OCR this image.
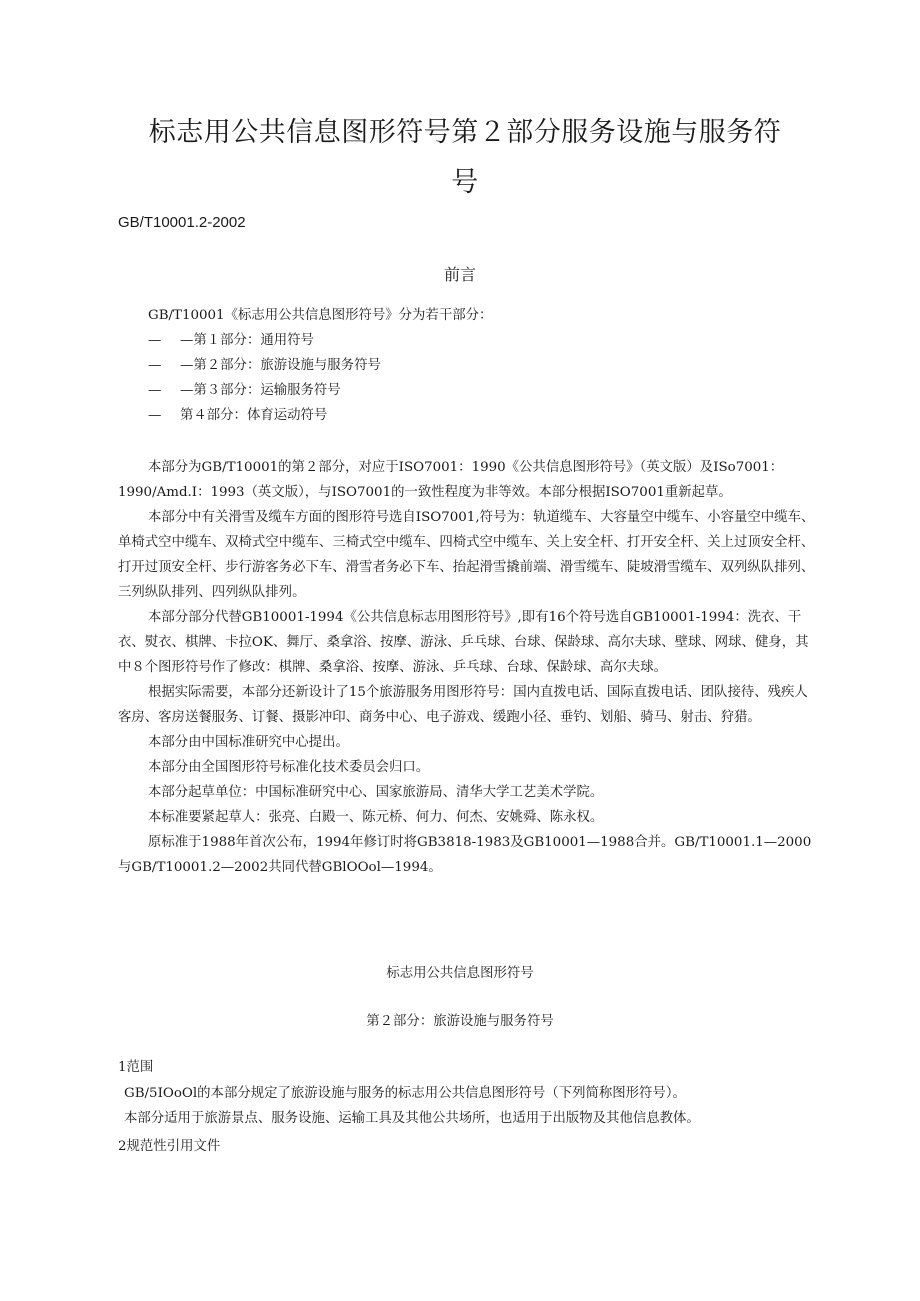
标志用公共信息图形符号第２部分服务设施与服务符
号
GB/T10001.2-2002
前言
GB/T10001《标志用公共信息图形符号》分为若干部分：
— —第１部分：通用符号
— —第２部分：旅游设施与服务符号
— —第３部分：运输服务符号
— 第４部分：体育运动符号

本部分为GB/T10001的第２部分，对应于ISO7001：1990《公共信息图形符号》（英文版）及ISo7001：1990/Amd.I：1993（英文版），与ISO7001的一致性程度为非等效。本部分根据ISO7001重新起草。

本部分中有关滑雪及缆车方面的图形符号选自ISO7001,符号为：轨道缆车、大容量空中缆车、小容量空中缆车、单椅式空中缆车、双椅式空中缆车、三椅式空中缆车、四椅式空中缆车、关上安全杆、打开安全杆、关上过顶安全杆、打开过顶安全杆、步行游客务必下车、滑雪者务必下车、抬起滑雪撬前端、滑雪缆车、陡坡滑雪缆车、双列纵队排列、三列纵队排列、四列纵队排列。

本部分部分代替GB10001-1994《公共信息标志用图形符号》,即有16个符号选自GB10001-1994：洗衣、干衣、熨衣、棋牌、卡拉OK、舞厅、桑拿浴、按摩、游泳、乒乓球、台球、保龄球、高尔夫球、壁球、网球、健身，其中８个图形符号作了修改：棋牌、桑拿浴、按摩、游泳、乒乓球、台球、保龄球、高尔夫球。

根据实际需要，本部分还新设计了15个旅游服务用图形符号：国内直拨电话、国际直拨电话、团队接待、残疾人客房、客房送餐服务、订餐、摄影冲印、商务中心、电子游戏、缓跑小径、垂钓、划船、骑马、射击、狩猎。

本部分由中国标准研究中心提出。

本部分由全国图形符号标准化技术委员会归口。

本部分起草单位：中国标准研究中心、国家旅游局、清华大学工艺美术学院。

本标准要紧起草人：张亮、白殿一、陈元桥、何力、何杰、安姚舜、陈永权。

原标准于1988年首次公布，1994年修订时将GB3818-1983及GB10001—1988合并。GB/T10001.1—2000与GB/T10001.2—2002共同代替GBlOOol—1994。

标志用公共信息图形符号
第２部分：旅游设施与服务符号
1范围

GB/5IOoOl的本部分规定了旅游设施与服务的标志用公共信息图形符号（下列简称图形符号）。

本部分适用于旅游景点、服务设施、运输工具及其他公共场所，也适用于出版物及其他信息教体。

2规范性引用文件
